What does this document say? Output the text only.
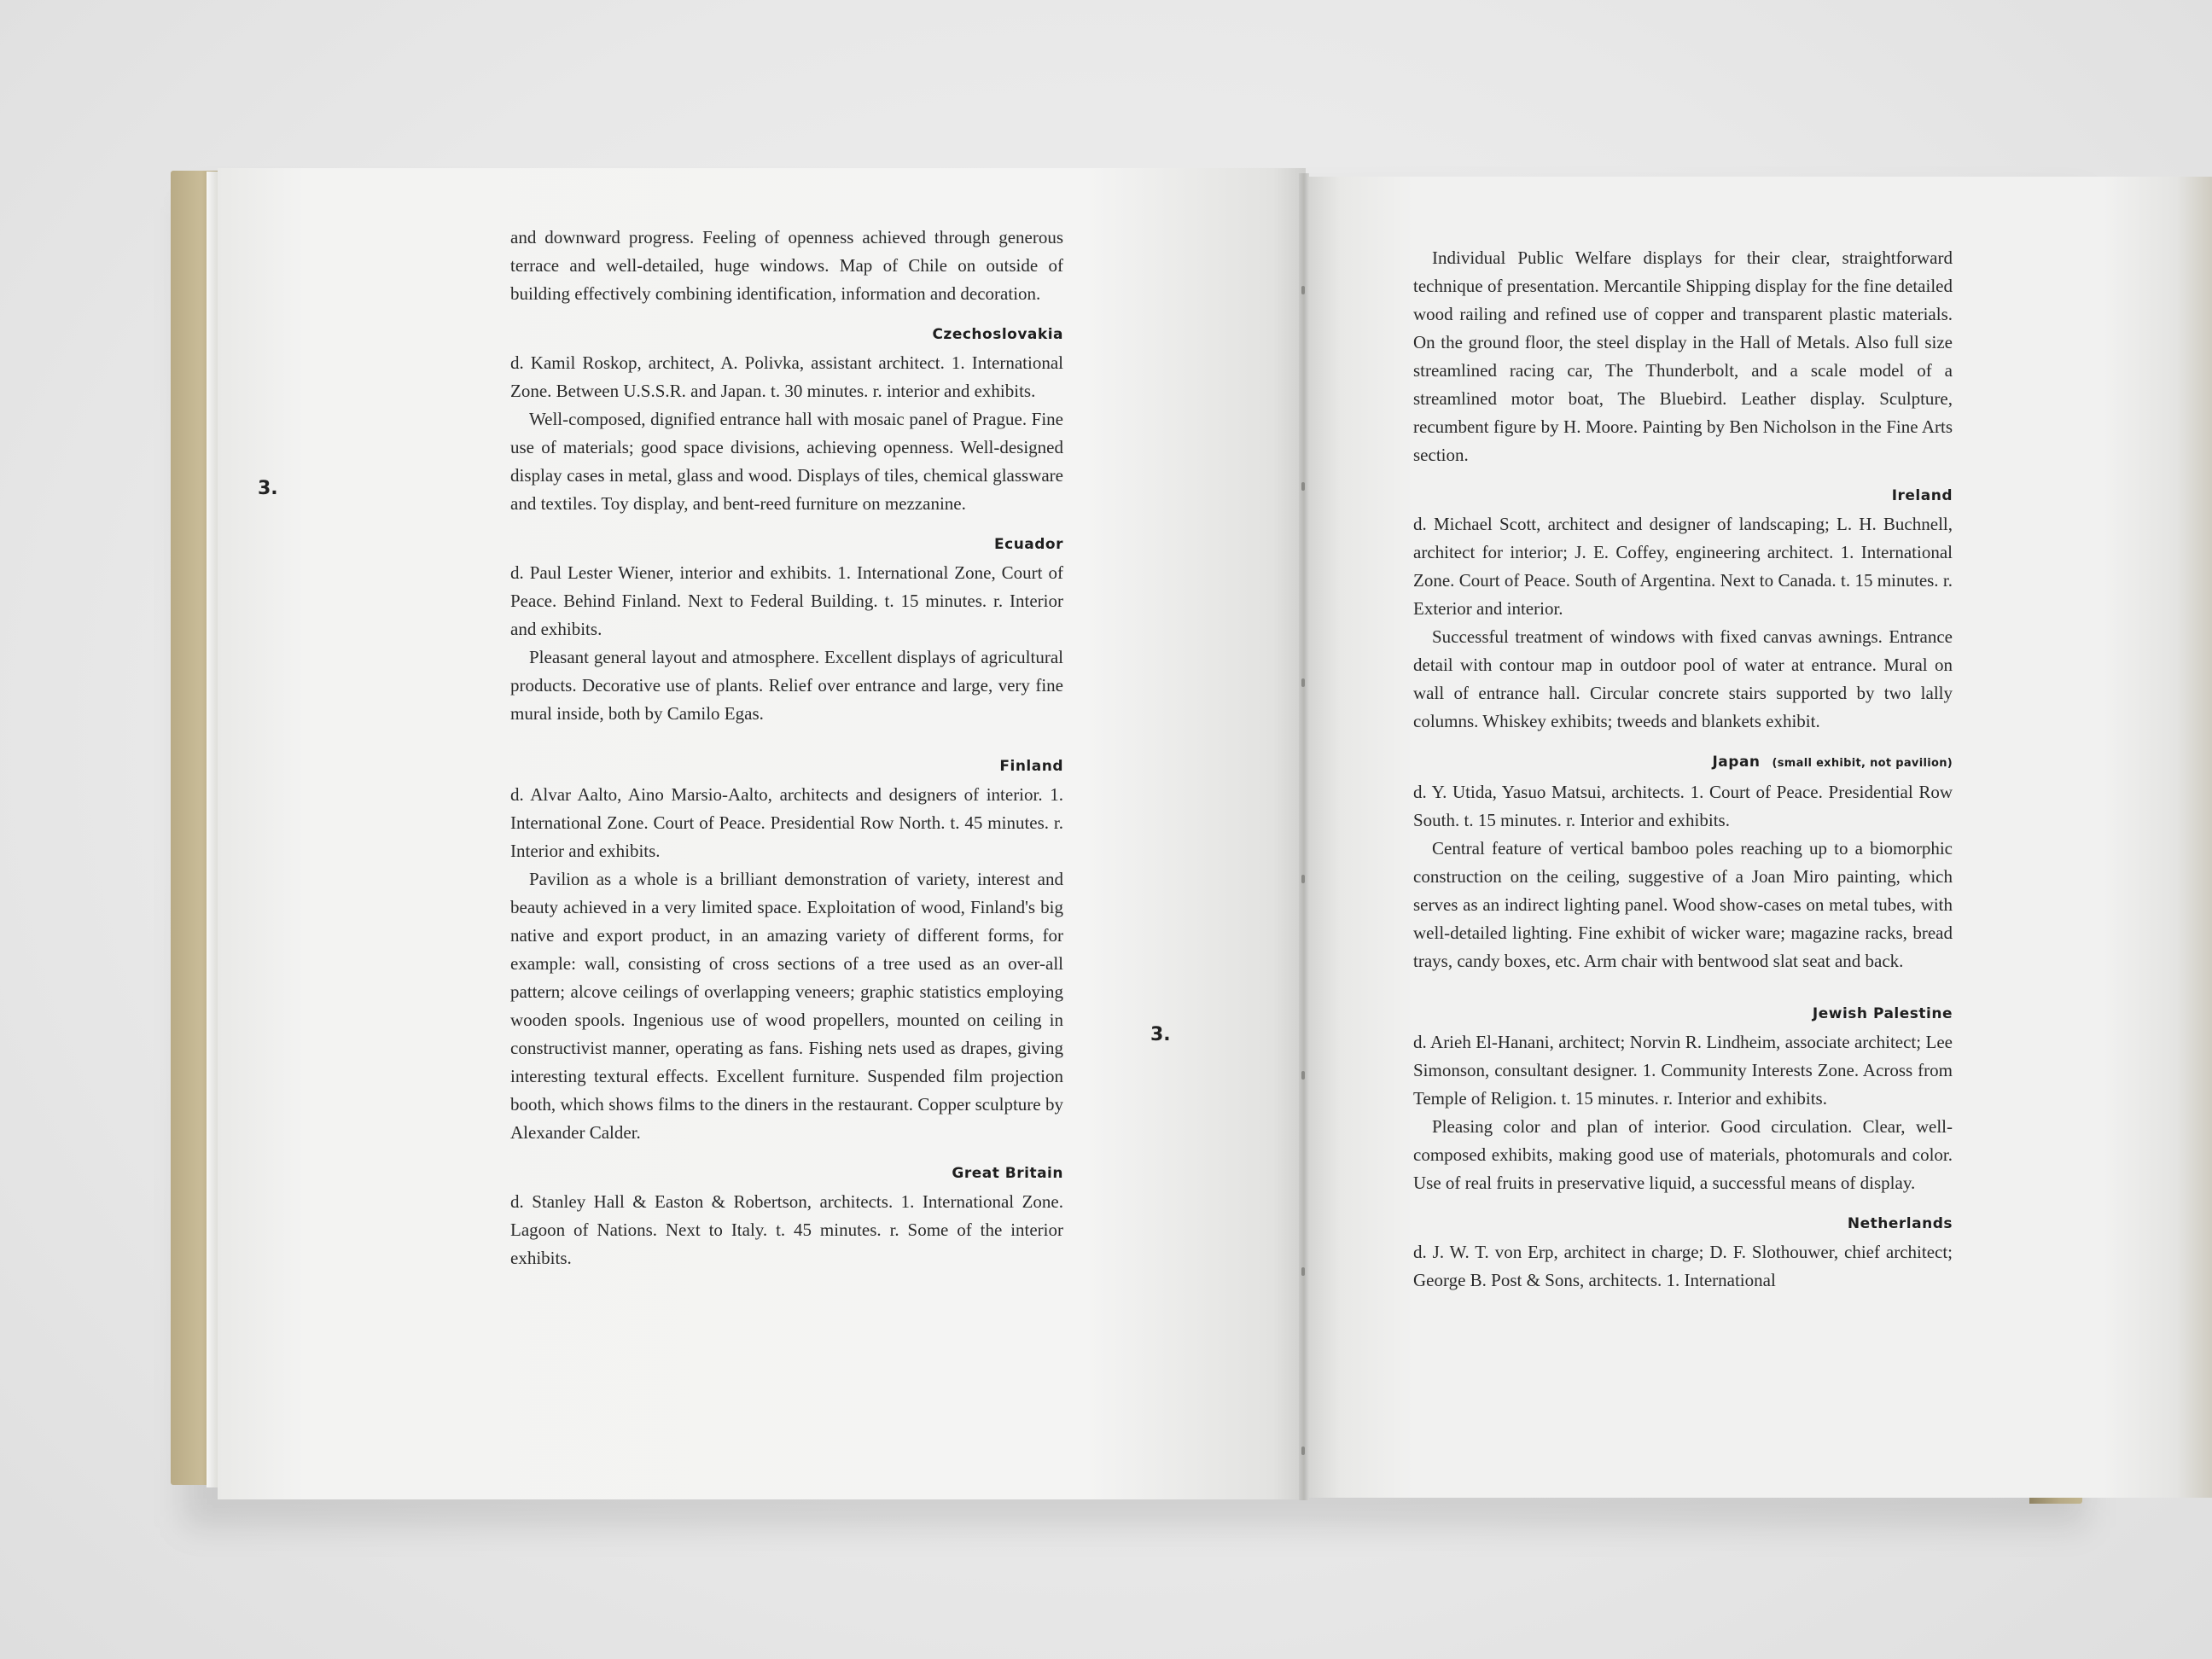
3.
3.

and downward progress. Feeling of openness achieved through generous terrace and well-detailed, huge windows. Map of Chile on outside of building effectively combining identification, information and decoration.

Czechoslovakia

d. Kamil Roskop, architect, A. Polivka, assistant architect. 1. International Zone. Between U.S.S.R. and Japan. t. 30 minutes. r. interior and exhibits.

Well-composed, dignified entrance hall with mosaic panel of Prague. Fine use of materials; good space divisions, achieving openness. Well-designed display cases in metal, glass and wood. Displays of tiles, chemical glassware and textiles. Toy display, and bent-reed furniture on mezzanine.

Ecuador

d. Paul Lester Wiener, interior and exhibits. 1. International Zone, Court of Peace. Behind Finland. Next to Federal Building. t. 15 minutes. r. Interior and exhibits.

Pleasant general layout and atmosphere. Excellent displays of agricultural products. Decorative use of plants. Relief over entrance and large, very fine mural inside, both by Camilo Egas.

Finland

d. Alvar Aalto, Aino Marsio-Aalto, architects and designers of interior. 1. International Zone. Court of Peace. Presidential Row North. t. 45 minutes. r. Interior and exhibits.

Pavilion as a whole is a brilliant demonstration of variety, interest and beauty achieved in a very limited space. Exploitation of wood, Finland's big native and export product, in an amazing variety of different forms, for example: wall, consisting of cross sections of a tree used as an over-all pattern; alcove ceilings of overlapping veneers; graphic statistics employing wooden spools. Ingenious use of wood propellers, mounted on ceiling in constructivist manner, operating as fans. Fishing nets used as drapes, giving interesting textural effects. Excellent furniture. Suspended film projection booth, which shows films to the diners in the restaurant. Copper sculpture by Alexander Calder.

Great Britain

d. Stanley Hall & Easton & Robertson, architects. 1. International Zone. Lagoon of Nations. Next to Italy. t. 45 minutes. r. Some of the interior exhibits.

Individual Public Welfare displays for their clear, straightforward technique of presentation. Mercantile Shipping display for the fine detailed wood railing and refined use of copper and transparent plastic materials. On the ground floor, the steel display in the Hall of Metals. Also full size streamlined racing car, The Thunderbolt, and a scale model of a streamlined motor boat, The Bluebird. Leather display. Sculpture, recumbent figure by H. Moore. Painting by Ben Nicholson in the Fine Arts section.

Ireland

d. Michael Scott, architect and designer of landscaping; L. H. Buchnell, architect for interior; J. E. Coffey, engineering architect. 1. International Zone. Court of Peace. South of Argentina. Next to Canada. t. 15 minutes. r. Exterior and interior.

Successful treatment of windows with fixed canvas awnings. Entrance detail with contour map in outdoor pool of water at entrance. Mural on wall of entrance hall. Circular concrete stairs supported by two lally columns. Whiskey exhibits; tweeds and blankets exhibit.

Japan (small exhibit, not pavilion)

d. Y. Utida, Yasuo Matsui, architects. 1. Court of Peace. Presidential Row South. t. 15 minutes. r. Interior and exhibits.

Central feature of vertical bamboo poles reaching up to a biomorphic construction on the ceiling, suggestive of a Joan Miro painting, which serves as an indirect lighting panel. Wood show-cases on metal tubes, with well-detailed lighting. Fine exhibit of wicker ware; magazine racks, bread trays, candy boxes, etc. Arm chair with bentwood slat seat and back.

Jewish Palestine

d. Arieh El-Hanani, architect; Norvin R. Lindheim, associate architect; Lee Simonson, consultant designer. 1. Community Interests Zone. Across from Temple of Religion. t. 15 minutes. r. Interior and exhibits.

Pleasing color and plan of interior. Good circulation. Clear, well-composed exhibits, making good use of materials, photomurals and color. Use of real fruits in preservative liquid, a successful means of display.

Netherlands

d. J. W. T. von Erp, architect in charge; D. F. Slothouwer, chief architect; George B. Post & Sons, architects. 1. International
